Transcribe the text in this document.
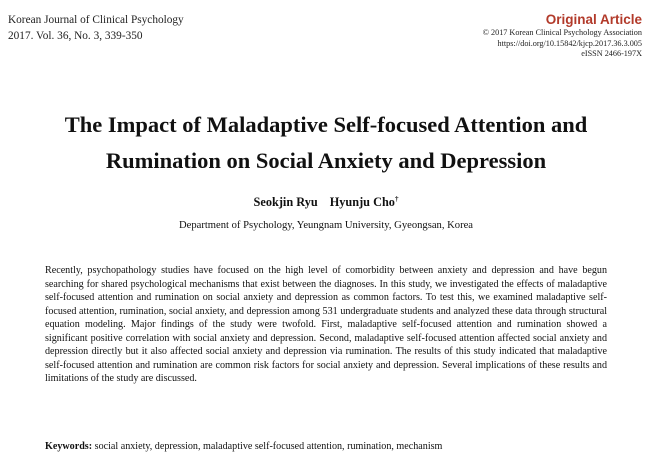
Korean Journal of Clinical Psychology
2017. Vol. 36, No. 3, 339-350
Original Article
© 2017 Korean Clinical Psychology Association
https://doi.org/10.15842/kjcp.2017.36.3.005
eISSN 2466-197X
The Impact of Maladaptive Self-focused Attention and
Rumination on Social Anxiety and Depression
Seokjin Ryu Hyunju Cho†
Department of Psychology, Yeungnam University, Gyeongsan, Korea

Recently, psychopathology studies have focused on the high level of comorbidity between anxiety and depression and have begun searching for shared psychological mechanisms that exist between the diagnoses. In this study, we investigated the effects of maladaptive self-focused attention and rumination on social anxiety and depression as common factors. To test this, we examined maladaptive self-focused attention, rumination, social anxiety, and depression among 531 undergraduate students and analyzed these data through structural equation modeling. Major findings of the study were twofold. First, maladaptive self-focused attention and rumination showed a significant positive correlation with social anxiety and depression. Second, maladaptive self-focused attention affected social anxiety and depression directly but it also affected social anxiety and depression via rumination. The results of this study indicated that maladaptive self-focused attention and rumination are common risk factors for social anxiety and depression. Several implications of these results and limitations of the study are discussed.

Keywords: social anxiety, depression, maladaptive self-focused attention, rumination, mechanism
